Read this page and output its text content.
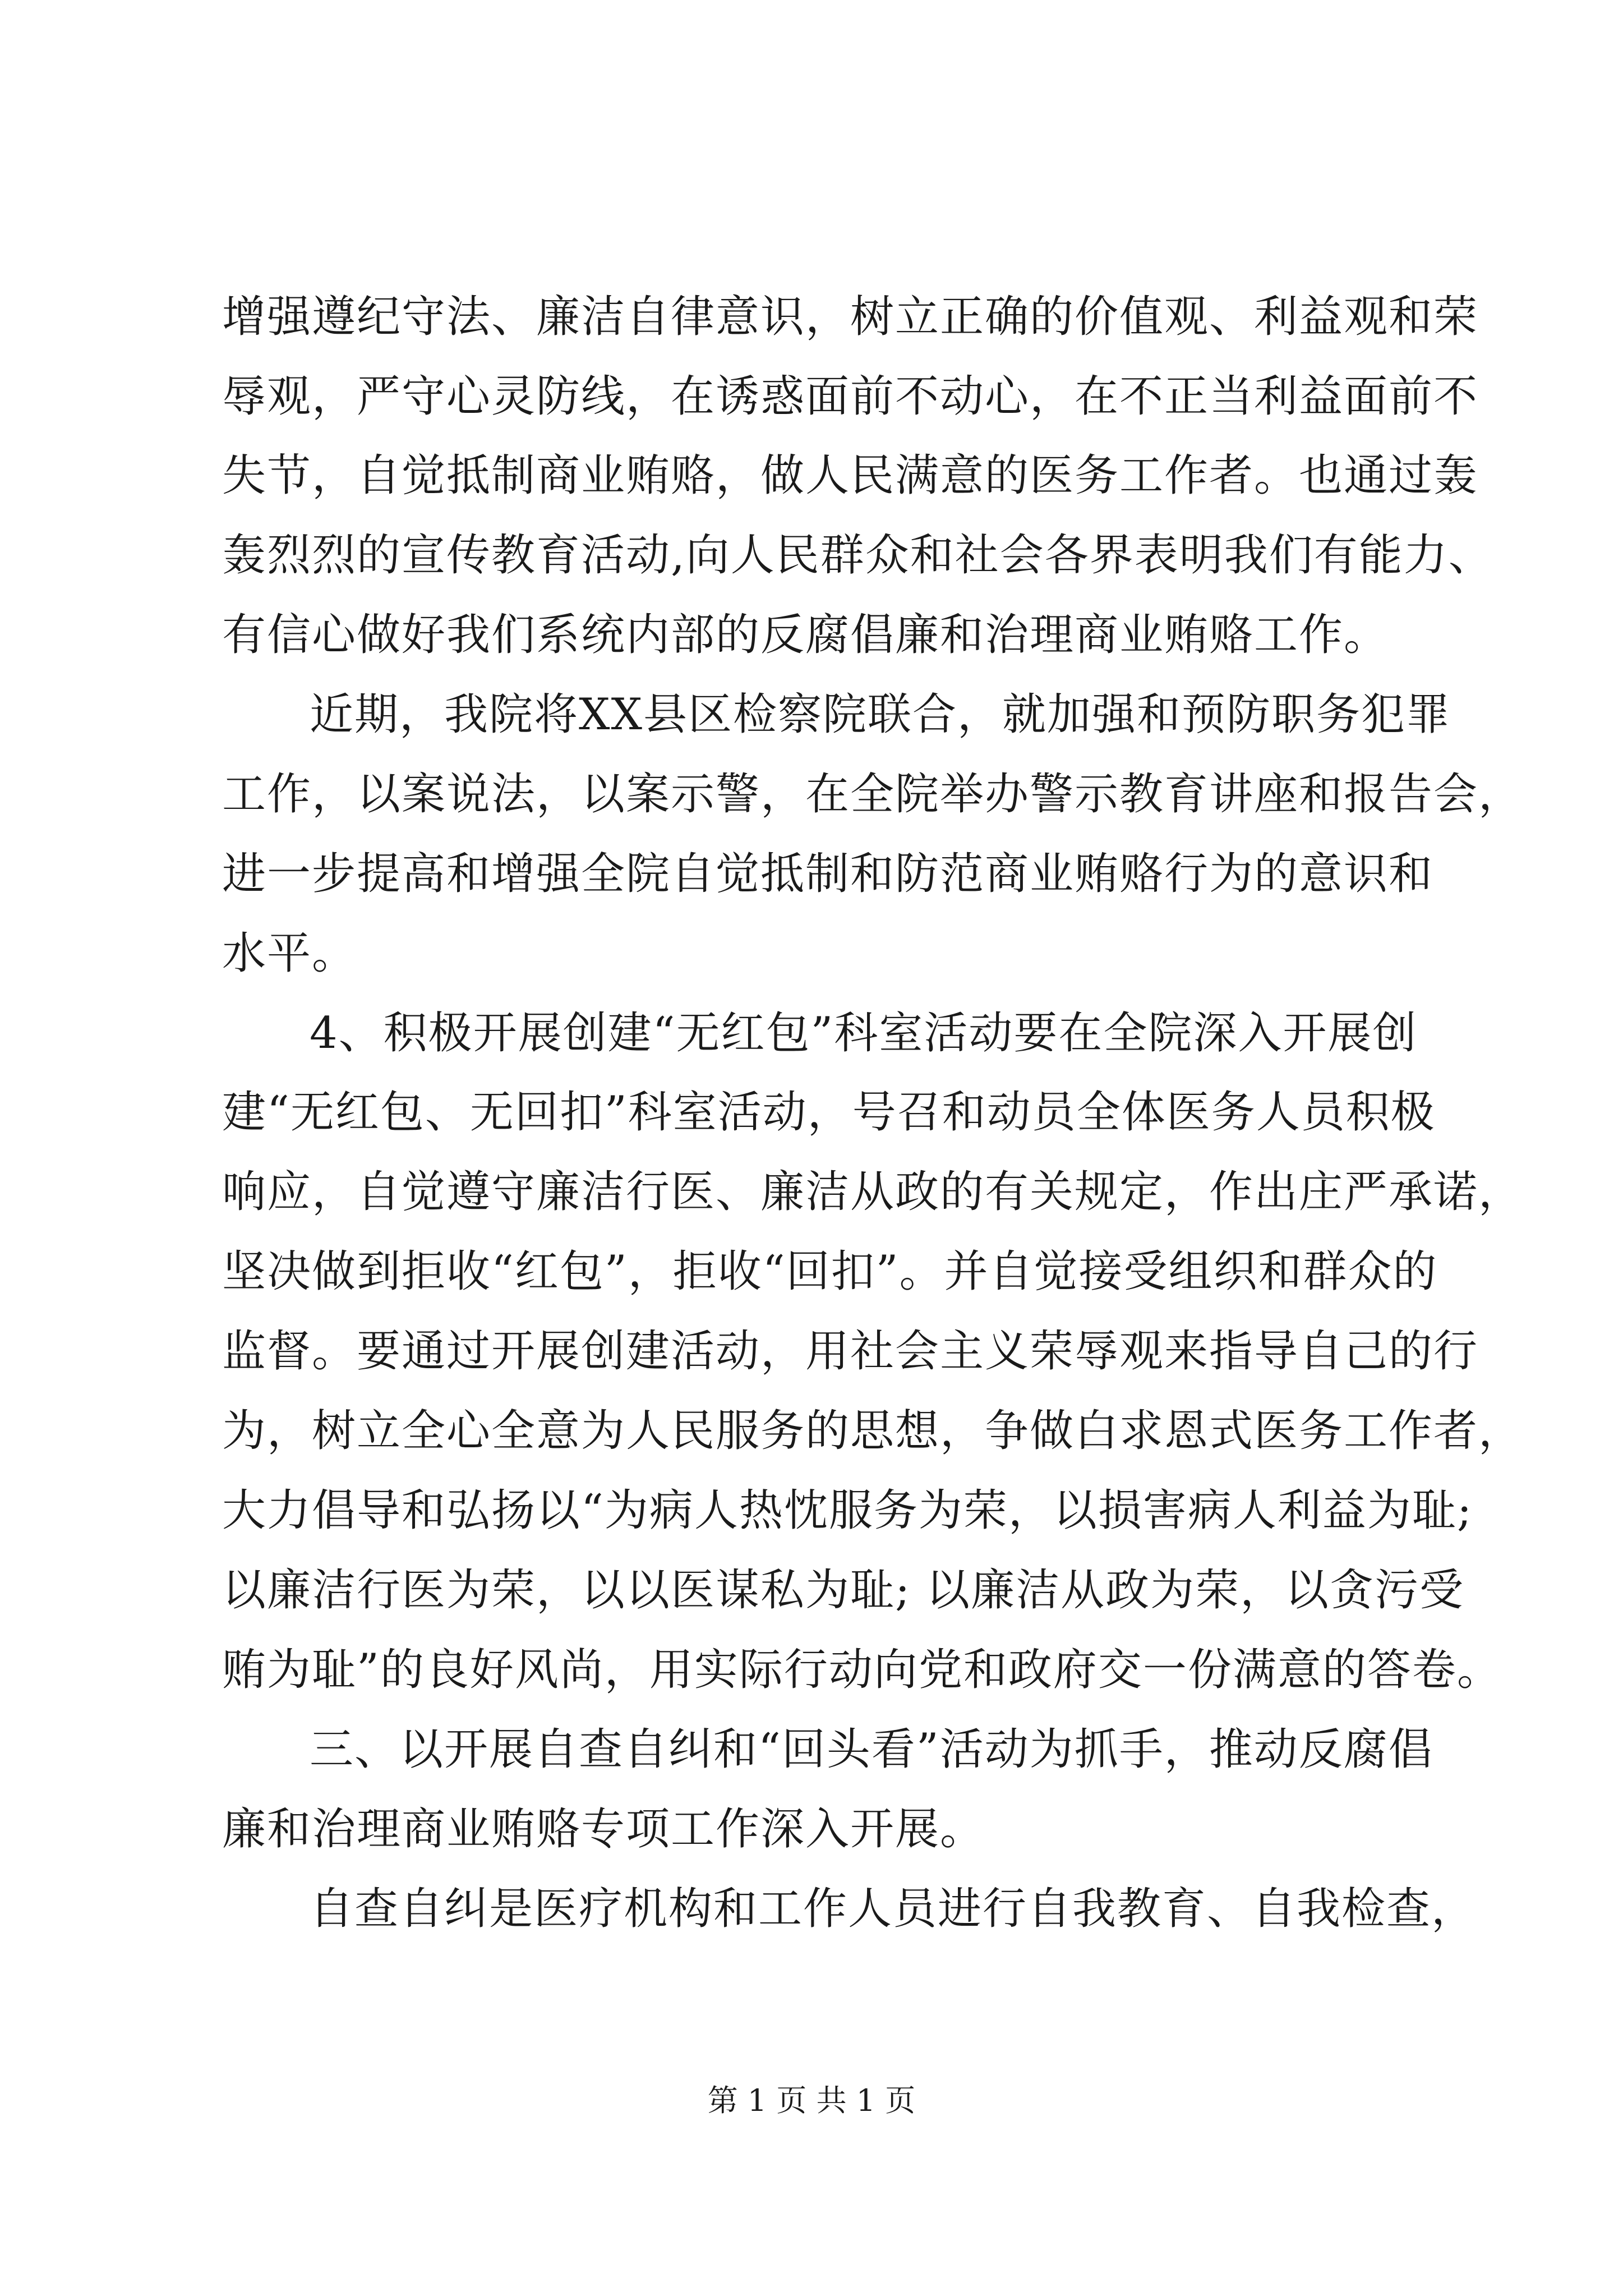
增强遵纪守法、廉洁自律意识，树立正确的价值观、利益观和荣
辱观，严守心灵防线，在诱惑面前不动心，在不正当利益面前不
失节，自觉抵制商业贿赂，做人民满意的医务工作者。也通过轰
轰烈烈的宣传教育活动,向人民群众和社会各界表明我们有能力、
有信心做好我们系统内部的反腐倡廉和治理商业贿赂工作。
近期，我院将XX县区检察院联合，就加强和预防职务犯罪
工作，以案说法，以案示警，在全院举办警示教育讲座和报告会，
进一步提高和增强全院自觉抵制和防范商业贿赂行为的意识和
水平。
4、积极开展创建“无红包”科室活动要在全院深入开展创
建“无红包、无回扣”科室活动，号召和动员全体医务人员积极
响应，自觉遵守廉洁行医、廉洁从政的有关规定，作出庄严承诺，
坚决做到拒收“红包”，拒收“回扣”。并自觉接受组织和群众的
监督。要通过开展创建活动，用社会主义荣辱观来指导自己的行
为，树立全心全意为人民服务的思想，争做白求恩式医务工作者，
大力倡导和弘扬以“为病人热忱服务为荣，以损害病人利益为耻;
以廉洁行医为荣，以以医谋私为耻; 以廉洁从政为荣，以贪污受
贿为耻”的良好风尚，用实际行动向党和政府交一份满意的答卷。
三、以开展自查自纠和“回头看”活动为抓手，推动反腐倡
廉和治理商业贿赂专项工作深入开展。
自查自纠是医疗机构和工作人员进行自我教育、自我检查，
第 1 页 共 1 页
